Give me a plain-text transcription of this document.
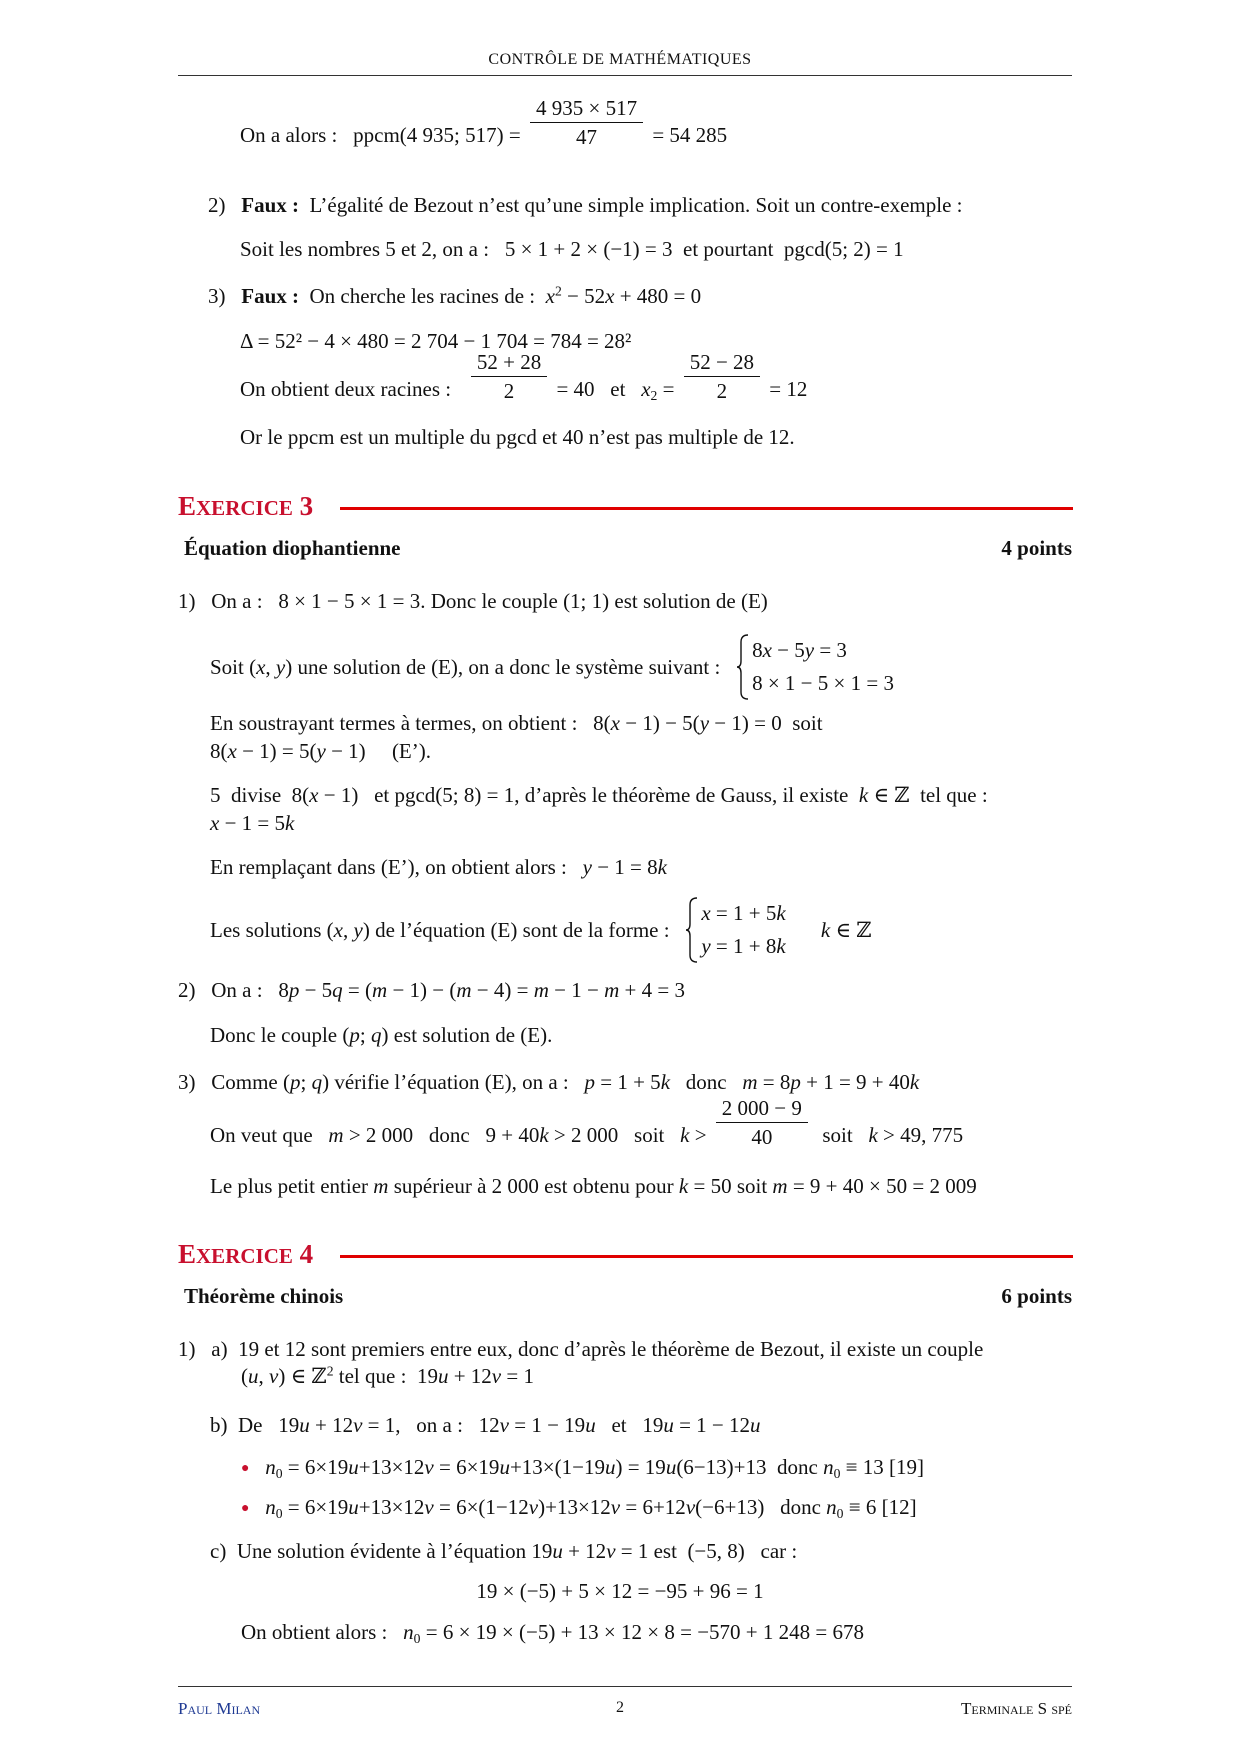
CONTRÔLE DE MATHÉMATIQUES
On a alors : ppcm(4 935; $517) = \frac{4 935 \times 517}{47} = 54$ 285
2) Faux : L’égalité de Bezout n’est qu’une simple implication. Soit un contre-exemple :
Soit les nombres 5 et 2, on a : 5 × 1 + 2 × (−1) = 3 et pourtant pgcd(5; 2) = 1
3) Faux : On cherche les racines de : $x^2 - 52x + 480 = 0$
Δ = 52² − 4 × 480 = 2 704 − 1 704 = 784 = 28²
On obtient deux racines : $\frac{52 + 28}{2} = 40$ et $x_2 = \frac{52 - 28}{2} = 12$
Or le ppcm est un multiple du pgcd et 40 n’est pas multiple de 12.
EXERCICE 3
Équation diophantienne	4 points
1) On a : 8 × 1 − 5 × 1 = 3. Donc le couple (1; 1) est solution de (E)
Soit (x, y) une solution de (E), on a donc le système suivant :
8x − 5y = 3
8 × 1 − 5 × 1 = 3
En soustrayant termes à termes, on obtient : 8(x − 1) − 5(y − 1) = 0 soit
8(x − 1) = 5(y − 1) (E’).
5  divise  8(x − 1) et pgcd(5; 8) = 1, d’après le théorème de Gauss, il existe k ∈ ℤ tel que :
x − 1 = 5k
En remplaçant dans (E’), on obtient alors : y − 1 = 8k
Les solutions (x, y) de l’équation (E) sont de la forme :
x = 1 + 5k
y = 1 + 8k k ∈ ℤ
2) On a : 8p − 5q = (m − 1) − (m − 4) = m − 1 − m + 4 = 3
Donc le couple (p; q) est solution de (E).
3) Comme (p; q) vérifie l’équation (E), on a : p = 1 + 5k donc m = 8p + 1 = 9 + 40k
On veut que m > 2 000   donc   9 + 40k > 2 000   soit $k > \frac{2 000 - 9}{40}$ soit k > 49, 775
Le plus petit entier m supérieur à 2 000 est obtenu pour k = 50 soit m = 9 + 40 × 50 = 2 009
EXERCICE 4
Théorème chinois	6 points
1) a) 19 et 12 sont premiers entre eux, donc d’après le théorème de Bezout, il existe un couple
(u, v) ∈ ℤ$^2$ tel que :  19u + 12v = 1
b) De   19u + 12v = 1,   on a :   12v = 1 − 19u et   19u = 1 − 12u
● $n_0 = 6\times 19u+13\times 12v = 6\times 19u+13\times(1-19u) = 19u(6-13)+13$  donc $n_0 \equiv 13$ [19]
● $n_0 = 6\times 19u+13\times 12v = 6\times(1-12v)+13\times 12v = 6+12v(-6+13)$   donc $n_0 \equiv 6$ [12]
c) Une solution évidente à l’équation 19u + 12v = 1 est  (−5, 8)   car :
19 × (−5) + 5 × 12 = −95 + 96 = 1
On obtient alors : $n_0 = 6 \times 19 \times (-5) + 13 \times 12 \times 8 = -570 + 1$ 248 = 678
Paul Milan	2	Terminale S spé
